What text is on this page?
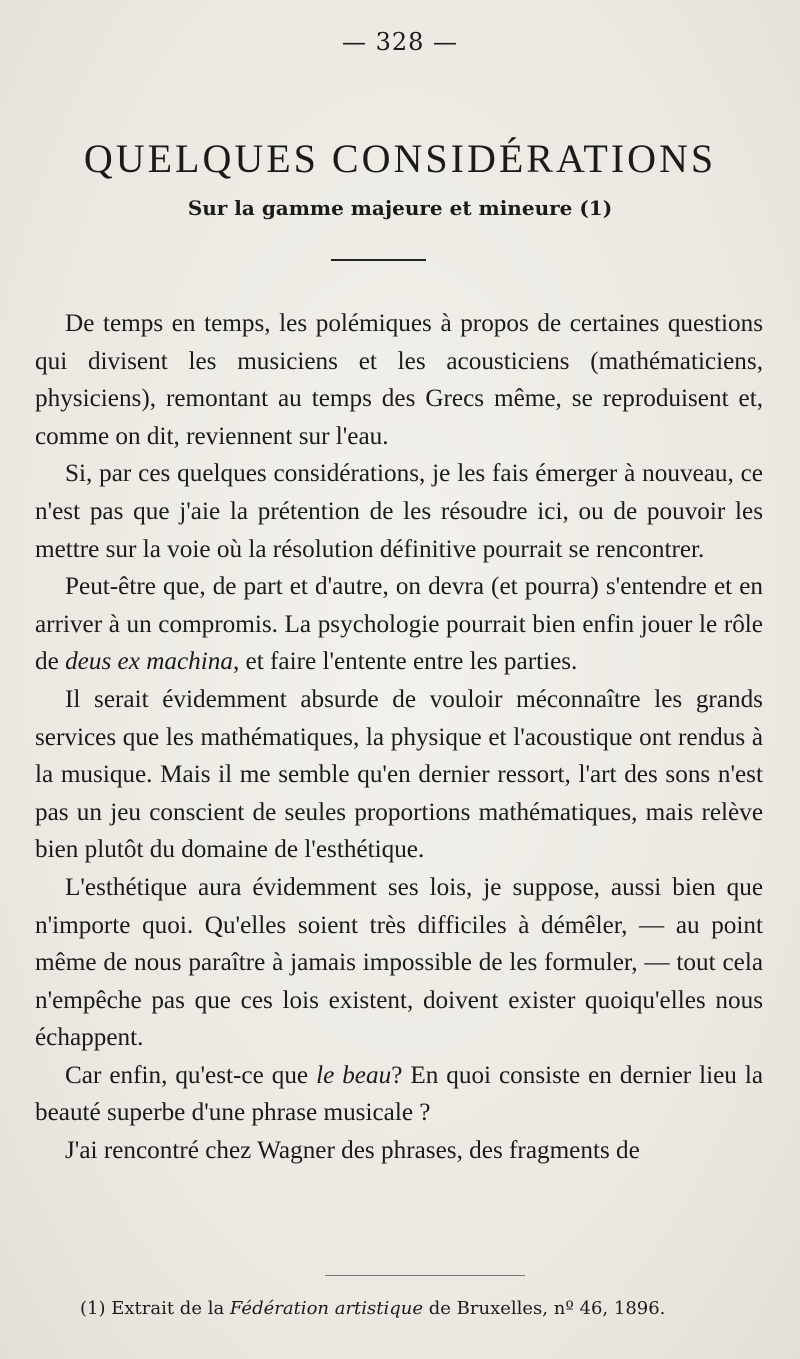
— 328 —
QUELQUES CONSIDÉRATIONS
Sur la gamme majeure et mineure (1)

De temps en temps, les polémiques à propos de certaines questions qui divisent les musiciens et les acousticiens (mathématiciens, physiciens), remontant au temps des Grecs même, se reproduisent et, comme on dit, reviennent sur l'eau.

Si, par ces quelques considérations, je les fais émerger à nouveau, ce n'est pas que j'aie la prétention de les résoudre ici, ou de pouvoir les mettre sur la voie où la résolution définitive pourrait se rencontrer.

Peut-être que, de part et d'autre, on devra (et pourra) s'entendre et en arriver à un compromis. La psychologie pourrait bien enfin jouer le rôle de deus ex machina, et faire l'entente entre les parties.

Il serait évidemment absurde de vouloir méconnaître les grands services que les mathématiques, la physique et l'acoustique ont rendus à la musique. Mais il me semble qu'en dernier ressort, l'art des sons n'est pas un jeu conscient de seules proportions mathématiques, mais relève bien plutôt du domaine de l'esthétique.

L'esthétique aura évidemment ses lois, je suppose, aussi bien que n'importe quoi. Qu'elles soient très difficiles à démêler, — au point même de nous paraître à jamais impossible de les formuler, — tout cela n'empêche pas que ces lois existent, doivent exister quoiqu'elles nous échappent.

Car enfin, qu'est-ce que le beau? En quoi consiste en dernier lieu la beauté superbe d'une phrase musicale ?

J'ai rencontré chez Wagner des phrases, des fragments de

(1) Extrait de la Fédération artistique de Bruxelles, nº 46, 1896.
